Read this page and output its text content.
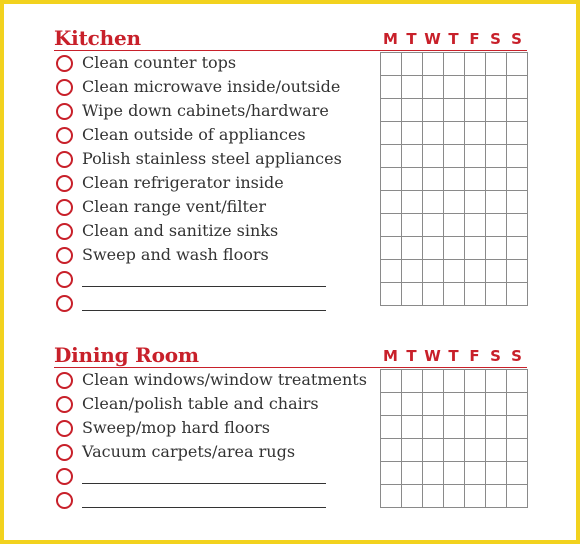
Kitchen	M T W T F S S
Clean counter tops
Clean microwave inside/outside
Wipe down cabinets/hardware
Clean outside of appliances
Polish stainless steel appliances
Clean refrigerator inside
Clean range vent/filter
Clean and sanitize sinks
Sweep and wash floors
Dining Room	M T W T F S S
Clean windows/window treatments
Clean/polish table and chairs
Sweep/mop hard floors
Vacuum carpets/area rugs
